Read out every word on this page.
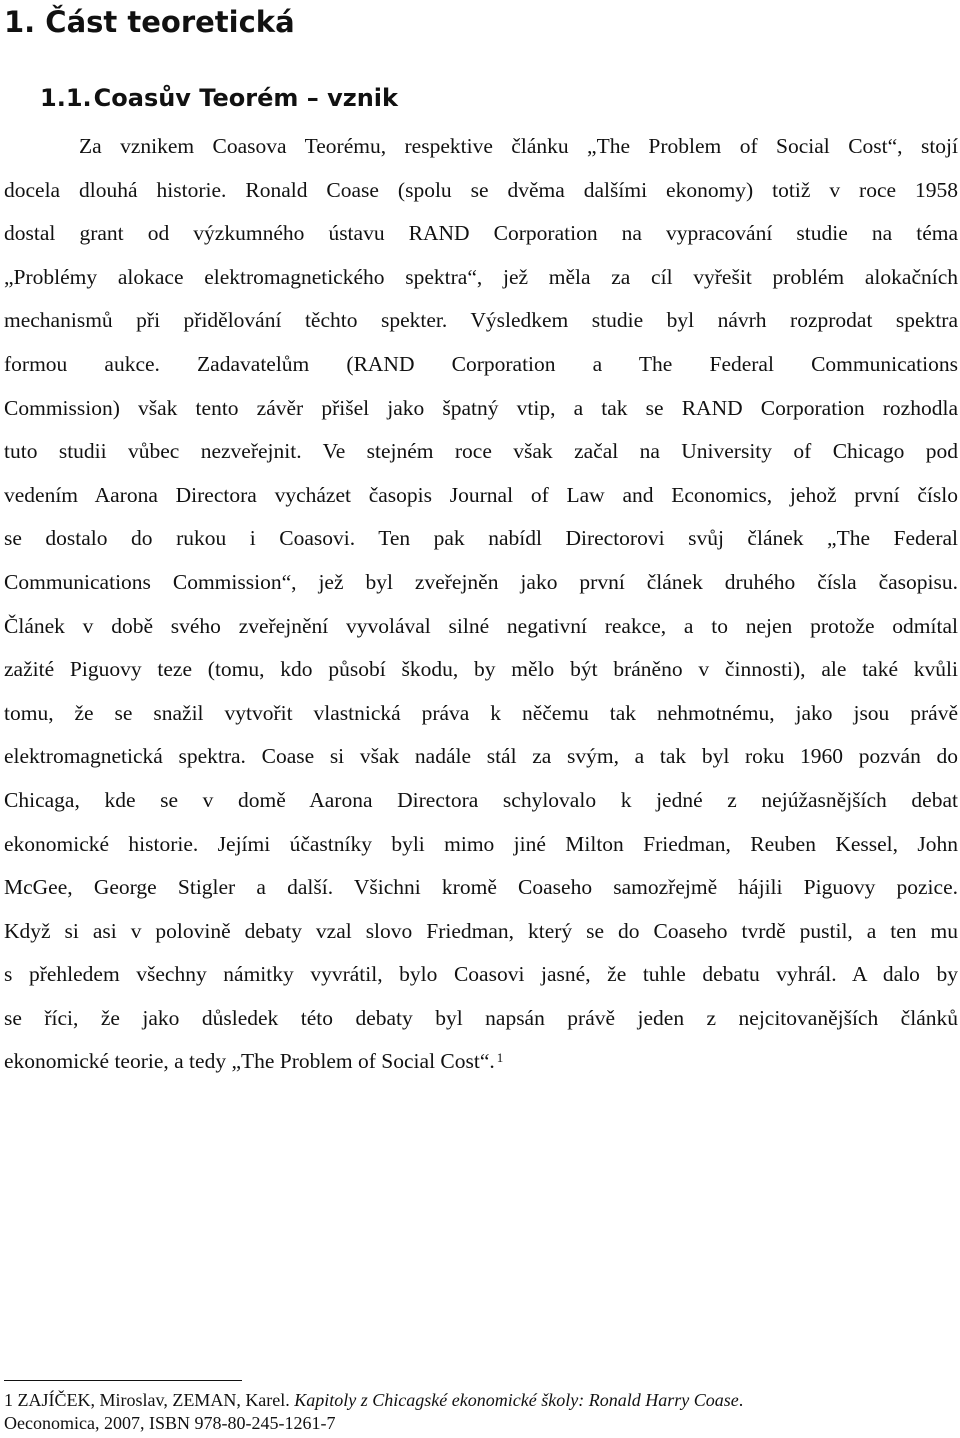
1. Část teoretická
1.1.Coasův Teorém – vznik
Za vznikem Coasova Teorému, respektive článku „The Problem of Social Cost“, stojí
docela dlouhá historie. Ronald Coase (spolu se dvěma dalšími ekonomy) totiž v roce 1958
dostal grant od výzkumného ústavu RAND Corporation na vypracování studie na téma
„Problémy alokace elektromagnetického spektra“, jež měla za cíl vyřešit problém alokačních
mechanismů při přidělování těchto spekter. Výsledkem studie byl návrh rozprodat spektra
formou aukce. Zadavatelům (RAND Corporation a The Federal Communications
Commission) však tento závěr přišel jako špatný vtip, a tak se RAND Corporation rozhodla
tuto studii vůbec nezveřejnit. Ve stejném roce však začal na University of Chicago pod
vedením Aarona Directora vycházet časopis Journal of Law and Economics, jehož první číslo
se dostalo do rukou i Coasovi. Ten pak nabídl Directorovi svůj článek „The Federal
Communications Commission“, jež byl zveřejněn jako první článek druhého čísla časopisu.
Článek v době svého zveřejnění vyvolával silné negativní reakce, a to nejen protože odmítal
zažité Piguovy teze (tomu, kdo působí škodu, by mělo být bráněno v činnosti), ale také kvůli
tomu, že se snažil vytvořit vlastnická práva k něčemu tak nehmotnému, jako jsou právě
elektromagnetická spektra. Coase si však nadále stál za svým, a tak byl roku 1960 pozván do
Chicaga, kde se v domě Aarona Directora schylovalo k jedné z nejúžasnějších debat
ekonomické historie. Jejími účastníky byli mimo jiné Milton Friedman, Reuben Kessel, John
McGee, George Stigler a další. Všichni kromě Coaseho samozřejmě hájili Piguovy pozice.
Když si asi v polovině debaty vzal slovo Friedman, který se do Coaseho tvrdě pustil, a ten mu
s přehledem všechny námitky vyvrátil, bylo Coasovi jasné, že tuhle debatu vyhrál. A dalo by
se říci, že jako důsledek této debaty byl napsán právě jeden z nejcitovanějších článků
ekonomické teorie, a tedy „The Problem of Social Cost“. $^1$
1 ZAJÍČEK, Miroslav, ZEMAN, Karel. Kapitoly z Chicagské ekonomické školy: Ronald Harry Coase.
Oeconomica, 2007, ISBN 978-80-245-1261-7
